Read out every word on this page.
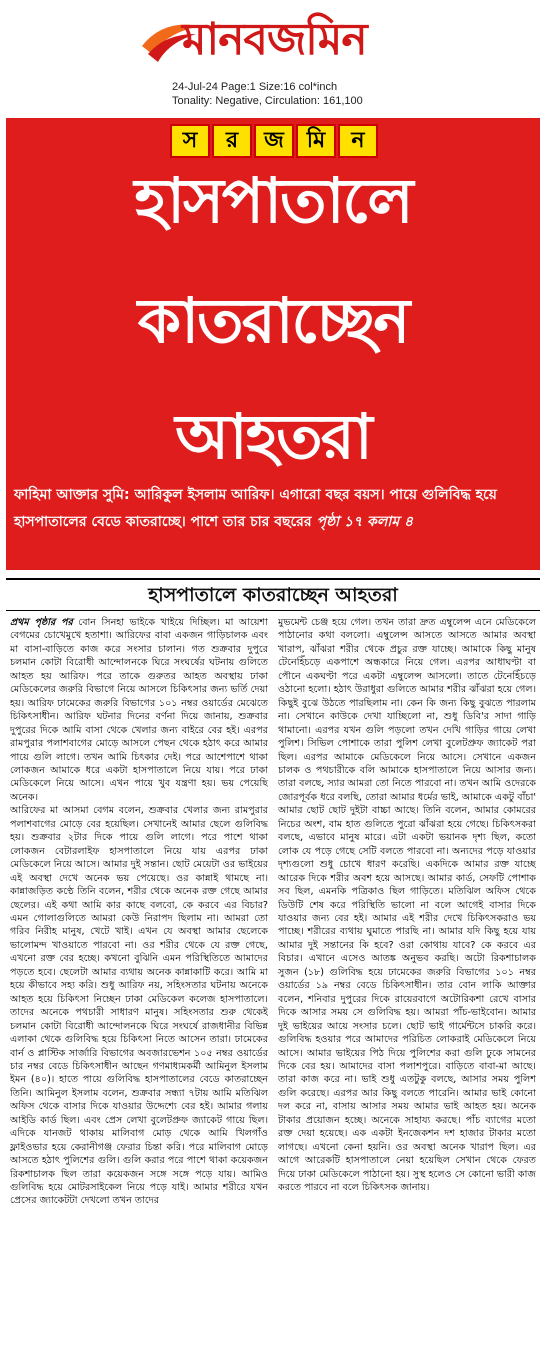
মানবজমিন
24-Jul-24 Page:1 Size:16 col*inch
Tonality: Negative, Circulation: 161,100
স	র	জ	মি	ন
হাসপাতালে
কাতরাচ্ছেন
আহতরা

ফাহিমা আক্তার সুমি: আরিকুল ইসলাম আরিফ। এগারো বছর বয়স। পায়ে গুলিবিদ্ধ হয়ে হাসপাতালের বেডে কাতরাচ্ছে। পাশে তার চার বছরের পৃষ্ঠা ১৭ কলাম ৪

হাসপাতালে কাতরাচ্ছেন আহতরা

প্রথম পৃষ্ঠার পর বোন সিনহা ভাইকে খাইয়ে দিচ্ছিল। মা আয়েশা বেগমের চোখেমুখে হতাশা। আরিফের বাবা একজন গাড়িচালক এবং মা বাসা-বাড়িতে কাজ করে সংসার চালান। গত শুক্রবার দুপুরে চলমান কোটা বিরোধী আন্দোলনকে ঘিরে সংঘর্ষের ঘটনায় গুলিতে আহত হয় আরিফ। পরে তাকে গুরুতর আহত অবস্থায় ঢাকা মেডিকেলের জরুরি বিভাগে নিয়ে আসলে চিকিৎসার জন্য ভর্তি দেয়া হয়। আরিফ ঢামেকের জরুরি বিভাগের ১০১ নম্বর ওয়ার্ডের মেঝেতে চিকিৎসাধীন। আরিফ ঘটনার দিনের বর্ণনা দিয়ে জানায়, শুক্রবার দুপুরের দিকে আমি বাসা থেকে খেলার জন্য বাইরে বের হই। এরপর রামপুরার পলাশবাগের মোড়ে আসলে পেছন থেকে হঠাৎ করে আমার পায়ে গুলি লাগে। তখন আমি চিৎকার দেই। পরে আশেপাশে থাকা লোকজন আমাকে ধরে একটা হাসপাতালে নিয়ে যায়। পরে ঢাকা মেডিকেলে নিয়ে আসে। এখন পায়ে খুব যন্ত্রণা হয়। ভয় পেয়েছি অনেক।

আরিফের মা আসমা বেগম বলেন, শুক্রবার খেলার জন্য রামপুরার পলাশবাগের মোড়ে বের হয়েছিল। সেখানেই আমার ছেলে গুলিবিদ্ধ হয়। শুক্রবার ২টার দিকে পায়ে গুলি লাগে। পরে পাশে থাকা লোকজন বেটারলাইফ হাসপাতালে নিয়ে যায় এরপর ঢাকা মেডিকেলে নিয়ে আসে। আমার দুই সন্তান। ছোট মেয়েটা ওর ভাইয়ের এই অবস্থা দেখে অনেক ভয় পেয়েছে। ওর কান্নাই থামছে না। কান্নাজড়িত কণ্ঠে তিনি বলেন, শরীর থেকে অনেক রক্ত গেছে আমার ছেলের। এই কথা আমি কার কাছে বলবো, কে করবে এর বিচার? এমন গোলাগুলিতে আমরা কেউ নিরাপদ ছিলাম না। আমরা তো গরিব নিরীহ মানুষ, খেটে খাই। এখন যে অবস্থা আমার ছেলেকে ভালোমন্দ খাওয়াতে পারবো না। ওর শরীর থেকে যে রক্ত গেছে, এখনো রক্ত বের হচ্ছে। কখনো বুঝিনি এমন পরিস্থিতিতে আমাদের পড়তে হবে। ছেলেটা আমার ব্যথায় অনেক কান্নাকাটি করে। আমি মা হয়ে কীভাবে সহ্য করি। শুধু আরিফ নয়, সহিংসতার ঘটনায় অনেকে আহত হয়ে চিকিৎসা নিচ্ছেন ঢাকা মেডিকেল কলেজ হাসপাতালে। তাদের অনেকে পথচারী সাধারণ মানুষ। সহিংসতার শুরু থেকেই চলমান কোটা বিরোধী আন্দোলনকে ঘিরে সংঘর্ষে রাজধানীর বিভিন্ন এলাকা থেকে গুলিবিদ্ধ হয়ে চিকিৎসা নিতে আসেন তারা। ঢামেকের বার্ন ও প্লাস্টিক সার্জারি বিভাগের অবজারভেশন ১০৫ নম্বর ওয়ার্ডের চার নম্বর বেডে চিকিৎসাধীন আছেন গণমাধ্যমকর্মী আমিনুল ইসলাম ইমন (৪০)। হাতে পায়ে গুলিবিদ্ধ হাসপাতালের বেডে কাতরাচ্ছেন তিনি। আমিনুল ইসলাম বলেন, শুক্রবার সন্ধ্যা ৭টায় আমি মতিঝিল অফিস থেকে বাসার দিকে যাওয়ার উদ্দেশ্যে বের হই। আমার গলায় আইডি কার্ড ছিল। এবং প্রেস লেখা বুলেটপ্রুফ জ্যাকেট গায়ে ছিল। এদিকে যানজট থাকায় মালিবাগ মোড় থেকে আমি খিলগাঁও ফ্লাইওভার হয়ে কেরানীগঞ্জ ফেরার চিন্তা করি। পরে মালিবাগ মোড়ে আসতে হঠাৎ পুলিশের গুলি। গুলি করার পরে পাশে থাকা কয়েকজন রিকশাচালক ছিল তারা কয়েকজন সঙ্গে সঙ্গে পড়ে যায়। আমিও গুলিবিদ্ধ হয়ে মোটরসাইকেল নিয়ে পড়ে যাই। আমার শরীরে যখন প্রেসের জ্যাকেটটা দেখলো তখন তাদের

মুভমেন্ট চেঞ্জ হয়ে গেল। তখন তারা দ্রুত এম্বুলেন্স এনে মেডিকেলে পাঠানোর কথা বললো। এম্বুলেন্স আসতে আসতে আমার অবস্থা খারাপ, ঝাঁঝরা শরীর থেকে প্রচুর রক্ত যাচ্ছে। আমাকে কিছু মানুষ টেনেহিঁচড়ে একপাশে অন্ধকারে নিয়ে গেল। এরপর আধাঘণ্টা বা পৌনে একঘণ্টা পরে একটা এম্বুলেন্স আসলো। তাতে টেনেহিঁচড়ে ওঠানো হলো। হঠাৎ উরাধুরা গুলিতে আমার শরীর ঝাঁঝরা হয়ে গেল। কিছুই বুঝে উঠতে পারছিলাম না। কেন কি জন্য কিছু বুঝতে পারলাম না। সেখানে কাউকে দেখা যাচ্ছিলো না, শুধু ডিবি'র সাদা গাড়ি থামানো। এরপর যখন গুলি পড়লো তখন দেখি গাড়ির গায়ে লেখা পুলিশ। সিভিল পোশাকে তারা পুলিশ লেখা বুলেটপ্রুফ জ্যাকেট পরা ছিল। এরপর আমাকে মেডিকেলে নিয়ে আসে। সেখানে একজন চালক ও পথচারীকে বলি আমাকে হাসপাতালে নিয়ে আসার জন্য। তারা বলছে, স্যার আমরা তো নিতে পারবো না। তখন আমি ওদেরকে জোরপূর্বক ধরে বলছি, তোরা আমার ধর্মের ভাই, আমাকে একটু বাঁচা' আমার ছোট ছোট দুইটা বাচ্চা আছে। তিনি বলেন, আমার কোমরের নিচের অংশ, বাম হাত গুলিতে পুরো ঝাঁঝরা হয়ে গেছে। চিকিৎসকরা বলছে, এভাবে মানুষ মারে। এটা একটা ভয়ানক দৃশ্য ছিল, কতো লোক যে পড়ে গেছে সেটি বলতে পারবো না। অন্যদের পড়ে যাওয়ার দৃশ্যগুলো শুধু চোখে ধারণ করেছি। একদিকে আমার রক্ত যাচ্ছে আরেক দিকে শরীর অবশ হয়ে আসছে। আমার কার্ড, সেফটি পোশাক সব ছিল, এমনকি পত্রিকাও ছিল গাড়িতে। মতিঝিল অফিস থেকে ডিউটি শেষ করে পরিস্থিতি ভালো না বলে আগেই বাসার দিকে যাওয়ার জন্য বের হই। আমার এই শরীর দেখে চিকিৎসকরাও ভয় পাচ্ছে। শরীরের ব্যথায় ঘুমাতে পারছি না। আমার যদি কিছু হয়ে যায় আমার দুই সন্তানের কি হবে? ওরা কোথায় যাবে? কে করবে এর বিচার। এখানে এসেও আতঙ্ক অনুভব করছি। অটো রিকশাচালক সুজন (১৮) গুলিবিদ্ধ হয়ে ঢামেকের জরুরি বিভাগের ১০১ নম্বর ওয়ার্ডের ১৯ নম্বর বেডে চিকিৎসাধীন। তার বোন লাকি আক্তার বলেন, শনিবার দুপুরের দিকে রায়েরবাগে অটোরিকশা রেখে বাসার দিকে আসার সময় সে গুলিবিদ্ধ হয়। আমরা পাঁচ-ভাইবোন। আমার দুই ভাইয়ের আয়ে সংসার চলে। ছোট ভাই গার্মেন্টসে চাকরি করে। গুলিবিদ্ধ হওয়ার পরে আমাদের পরিচিত লোকরাই মেডিকেলে নিয়ে আসে। আমার ভাইয়ের পিঠ দিয়ে পুলিশের করা গুলি ঢুকে সামনের দিকে বের হয়। আমাদের বাসা পলাশপুরে। বাড়িতে বাবা-মা আছে। তারা কাজ করে না। ভাই শুধু এতটুকু বলছে, আসার সময় পুলিশ গুলি করেছে। এরপর আর কিছু বলতে পারেনি। আমার ভাই কোনো দল করে না, বাসায় আসার সময় আমার ভাই আহত হয়। অনেক টাকার প্রয়োজন হচ্ছে। অনেকে সাহায্য করছে। পাঁচ ব্যাগের মতো রক্ত দেয়া হয়েছে। এক একটা ইনজেকশন দশ হাজার টাকার মতো লাগছে। এখনো কেনা হয়নি। ওর অবস্থা অনেক খারাপ ছিল। এর আগে আরেকটি হাসপাতালে নেয়া হয়েছিল সেখান থেকে ফেরত দিয়ে ঢাকা মেডিকেলে পাঠানো হয়। সুস্থ হলেও সে কোনো ভারী কাজ করতে পারবে না বলে চিকিৎসক জানায়।
